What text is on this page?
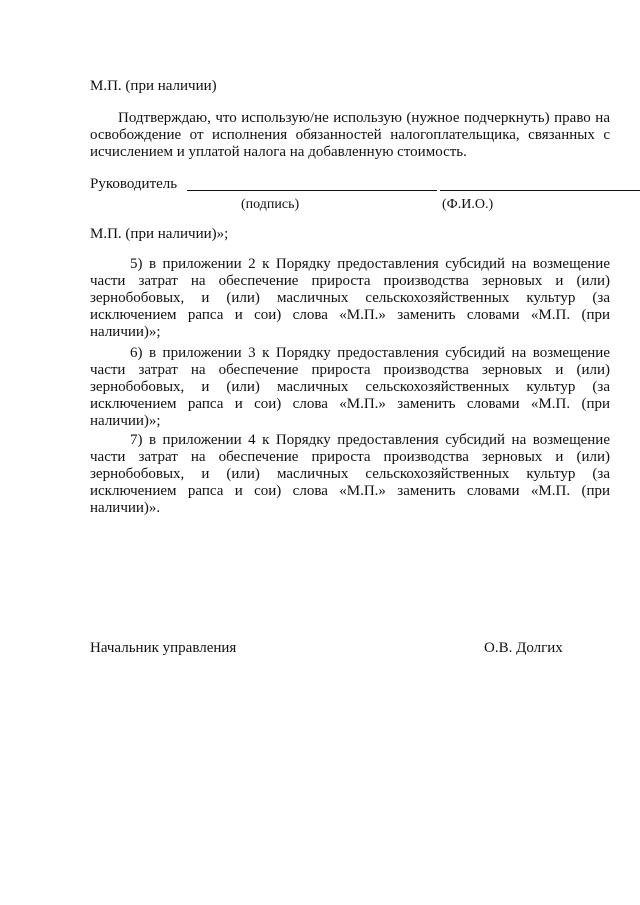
М.П. (при наличии)
Подтверждаю, что использую/не использую (нужное подчеркнуть) право на освобождение от исполнения обязанностей налогоплательщика, связанных с исчислением и уплатой налога на добавленную стоимость.
Руководитель
(подпись)	(Ф.И.О.)
М.П. (при наличии)»;
5) в приложении 2 к Порядку предоставления субсидий на возмещение части затрат на обеспечение прироста производства зерновых и (или) зернобобовых, и (или) масличных сельскохозяйственных культур (за исключением рапса и сои) слова «М.П.» заменить словами «М.П. (при наличии)»;
6) в приложении 3 к Порядку предоставления субсидий на возмещение части затрат на обеспечение прироста производства зерновых и (или) зернобобовых, и (или) масличных сельскохозяйственных культур (за исключением рапса и сои) слова «М.П.» заменить словами «М.П. (при наличии)»;
7) в приложении 4 к Порядку предоставления субсидий на возмещение части затрат на обеспечение прироста производства зерновых и (или) зернобобовых, и (или) масличных сельскохозяйственных культур (за исключением рапса и сои) слова «М.П.» заменить словами «М.П. (при наличии)».
Начальник управления	О.В. Долгих
